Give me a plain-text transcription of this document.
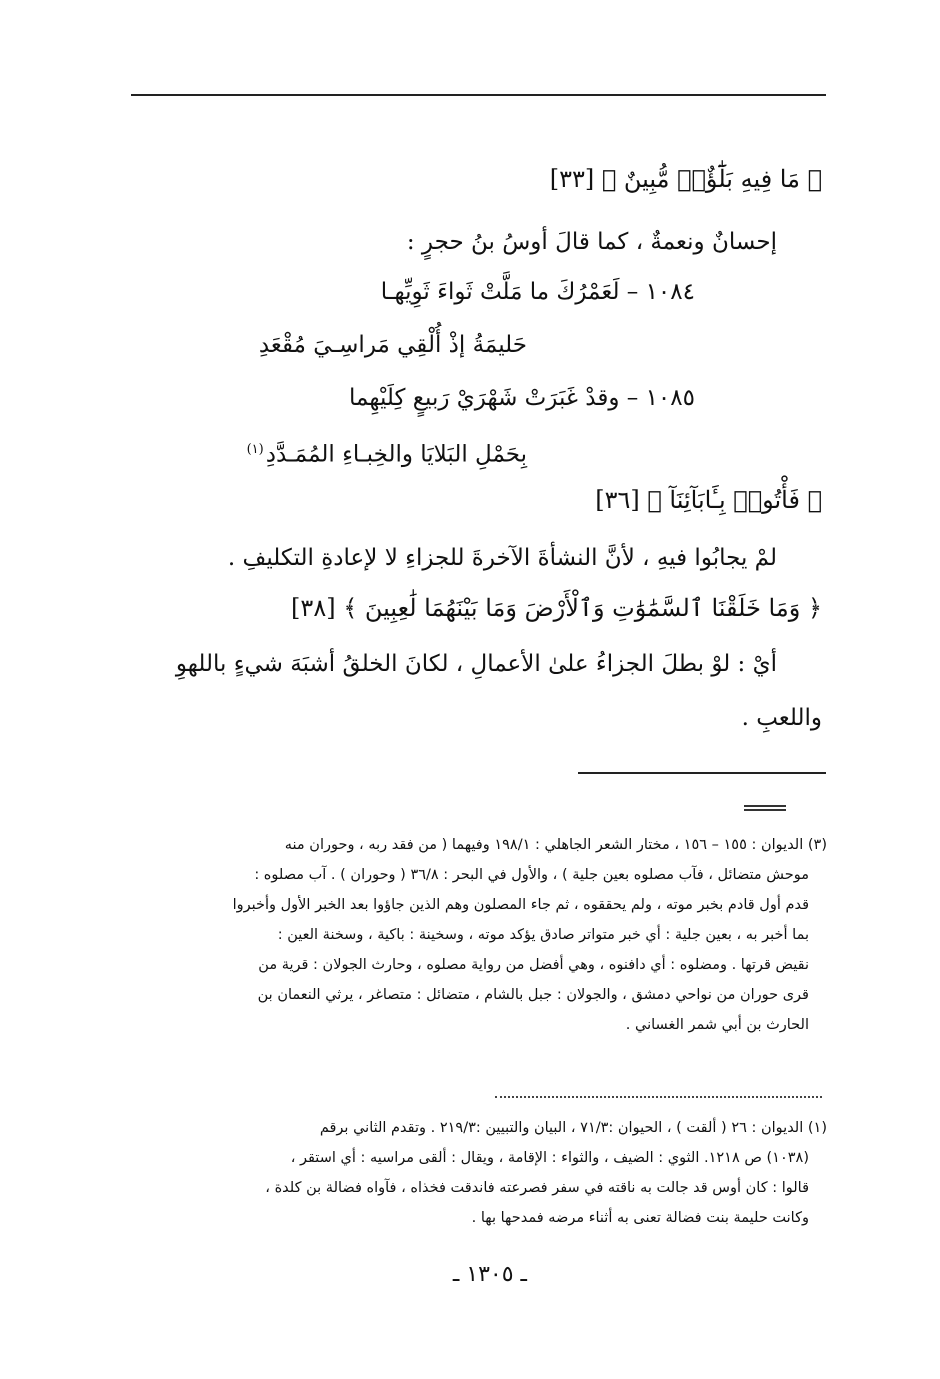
﴿ مَا فِيهِ بَلَٰٓؤٌا۟ مُّبِينٌ ﴾ [٣٣]
إحسانٌ ونعمةٌ ، كما قالَ أوسُ بنُ حجرٍ :
١٠٨٤ – لَعَمْرُكَ ما مَلَّتْ ثَواءَ ثَوِيِّهـا
حَليمَةُ إذْ أُلْقِي مَراسِـيَ مُقْعَدِ
١٠٨٥ – وقدْ غَبَرَتْ شَهْرَيْ رَبيعٍ كِلَيْهِما
بِحَمْلِ البَلايَا والخِبـاءِ المُمَـدَّدِ$^{(١)}$
﴿ فَأْتُوا۟ بِـَٔابَآئِنَآ ﴾ [٣٦]
لمْ يجابُوا فيهِ ، لأنَّ النشأةَ الآخرةَ للجزاءِ لا لإعادةِ التكليفِ .
﴿ وَمَا خَلَقْنَا ٱلسَّمَٰوَٰتِ وَٱلْأَرْضَ وَمَا بَيْنَهُمَا لَٰعِبِينَ ﴾ [٣٨]
أيْ : لوْ بطلَ الجزاءُ علىٰ الأعمالِ ، لكانَ الخلقُ أشبَهَ شيءٍ باللهوِ
واللعبِ .
(٣) الديوان : ١٥٥ – ١٥٦ ، مختار الشعر الجاهلي : ١٩٨/١ وفيهما ( من فقد ربه ، وحوران منه
موحش متضائل ، فآب مصلوه بعين جلية ) ، والأول في البحر : ٣٦/٨ ( وحوران ) . آب مصلوه :
قدم أول قادم بخبر موته ، ولم يحققوه ، ثم جاء المصلون وهم الذين جاؤوا بعد الخبر الأول وأخبروا
بما أخبر به ، بعين جلية : أي خبر متواتر صادق يؤكد موته ، وسخينة : باكية ، وسخنة العين :
نقيض قرتها . ومضلوه : أي دافنوه ، وهي أفضل من رواية مصلوه ، وحارث الجولان : قرية من
قرى حوران من نواحي دمشق ، والجولان : جبل بالشام ، متضائل : متصاغر ، يرثي النعمان بن
الحارث بن أبي شمر الغساني .
(١) الديوان : ٢٦ ( ألقت ) ، الحيوان :٧١/٣ ، البيان والتبيين :٢١٩/٣ . وتقدم الثاني برقم
(١٠٣٨) ص ١٢١٨. الثوي : الضيف ، والثواء : الإقامة ، ويقال : ألقى مراسيه : أي استقر ،
قالوا : كان أوس قد جالت به ناقته في سفر فصرعته فاندقت فخذاه ، فآواه فضالة بن كلدة ،
وكانت حليمة بنت فضالة تعنى به أثناء مرضه فمدحها بها .
ـ ١٣٠٥ ـ
